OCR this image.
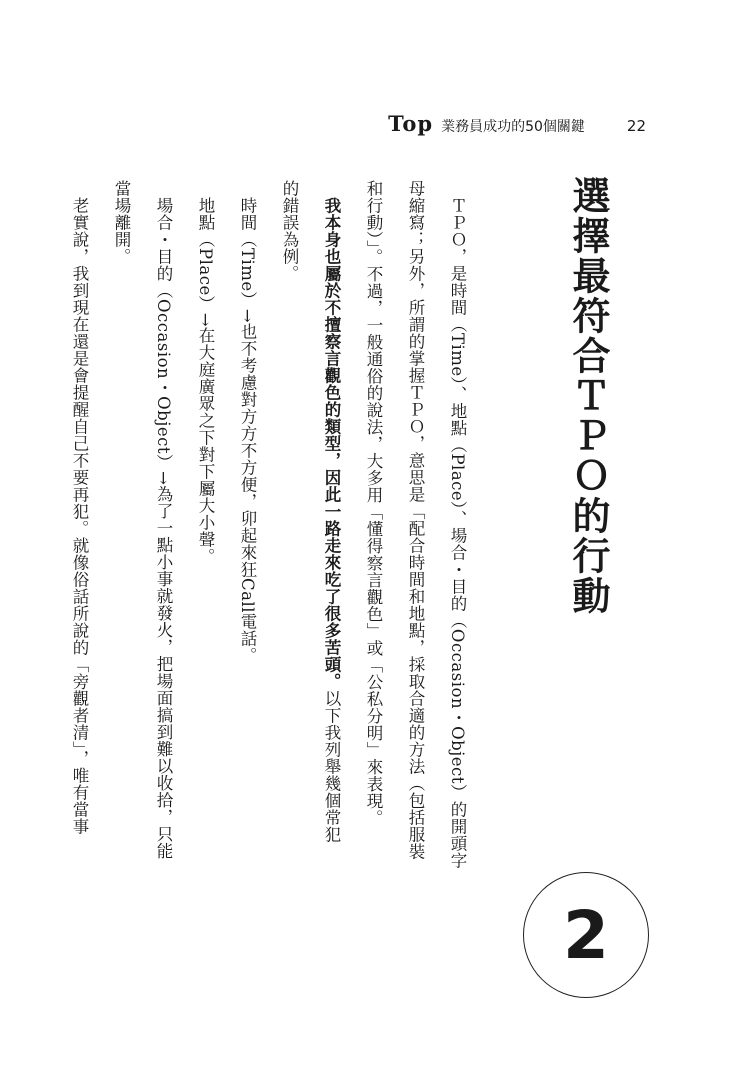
Top 業務員成功的50個關鍵	22
選擇最符合ＴＰＯ的行動
2
ＴＰＯ，是時間（Time）、地點（Place）、場合・目的（Occasion・Object）的開頭字
母縮寫；另外，所謂的掌握ＴＰＯ，意思是「配合時間和地點，採取合適的方法（包括服裝
和行動）」。不過，一般通俗的說法，大多用「懂得察言觀色」或「公私分明」來表現。
我本身也屬於不擅察言觀色的類型，因此一路走來吃了很多苦頭。以下我列舉幾個常犯
的錯誤為例。
時間（Time）→也不考慮對方方不方便，卯起來狂Call電話。
地點（Place）→在大庭廣眾之下對下屬大小聲。
場合・目的（Occasion・Object）→為了一點小事就發火，把場面搞到難以收拾，只能
當場離開。
老實說，我到現在還是會提醒自己不要再犯。就像俗話所說的「旁觀者清」，唯有當事
